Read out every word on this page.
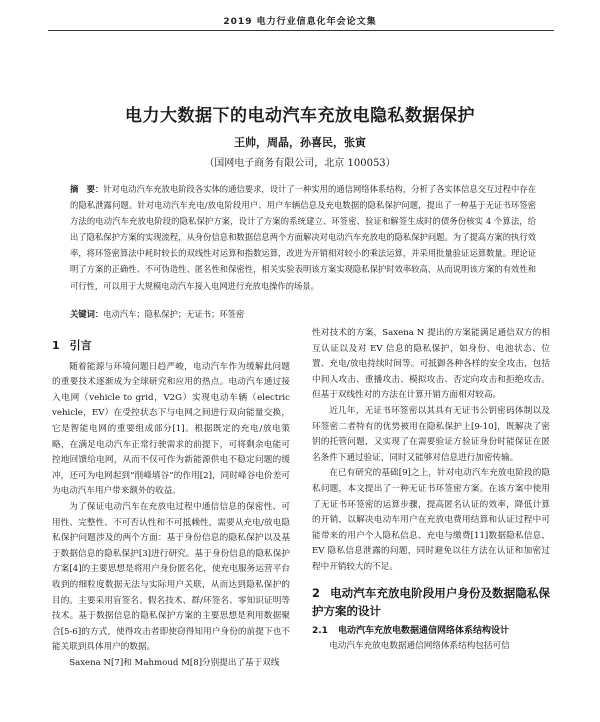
2019 电力行业信息化年会论文集
电力大数据下的电动汽车充放电隐私数据保护
王帅，周晶，孙喜民，张寅
（国网电子商务有限公司，北京 100053）
摘　要：针对电动汽车充放电阶段各实体的通信要求，设计了一种实用的通信网络体系结构，分析了各实体信息交互过程中存在的隐私泄露问题。针对电动汽车充电/放电阶段用户、用户车辆信息及充电数据的隐私保护问题，提出了一种基于无证书环签密方法的电动汽车充放电阶段的隐私保护方案，设计了方案的系统建立、环签密、验证和解签生成时的债务份核实 4 个算法，给出了隐私保护方案的实现流程，从身份信息和数据信息两个方面解决对电动汽车充放电的隐私保护问题。为了提高方案的执行效率，将环签密算法中耗时较长的双线性对运算和指数运算，改进为开销相对较小的乘法运算，并采用批量验证运算数量。理论证明了方案的正确性、不可伪造性、匿名性和保密性，相关实验表明该方案实现隐私保护时效率较高，从而说明该方案的有效性和可行性，可以用于大规模电动汽车接入电网进行充放电操作的场景。
关键词：电动汽车；隐私保护；无证书；环签密
1 引言

随着能源与环境问题日趋严峻，电动汽车作为缓解此问题的重要技术逐渐成为全球研究和应用的热点。电动汽车通过接入电网（vehicle to grid，V2G）实现电动车辆（electric vehicle，EV）在受控状态下与电网之间进行双向能量交换，它是智能电网的重要组成部分[1]。根据既定的充电/放电策略，在满足电动汽车正常行驶需求的前提下，可将剩余电能可控地回馈给电网，从而不仅可作为新能源供电不稳定问题的缓冲，还可为电网起到“削峰填谷”的作用[2]，同时峰谷电价差可为电动汽车用户带来额外的收益。

为了保证电动汽车在充放电过程中通信信息的保密性、可用性、完整性、不可否认性和不可抵赖性，需要从充电/放电隐私保护问题涉及的两个方面：基于身份信息的隐私保护以及基于数据信息的隐私保护[3]进行研究。基于身份信息的隐私保护方案[4]的主要思想是将用户身份匿名化，使充电服务运营平台收到的细粒度数据无法与实际用户关联，从而达到隐私保护的目的。主要采用盲签名、假名技术、群/环签名、零知识证明等技术。基于数据信息的隐私保护方案的主要思想是利用数据聚合[5-6]的方式，使得攻击者即使窃得知用户身份的前提下也不能关联到具体用户的数据。

Saxena N[7]和 Mahmoud M[8]分别提出了基于双线

性对技术的方案，Saxena N 提出的方案能满足通信双方的相互认证以及对 EV 信息的隐私保护，如身份、电池状态、位置、充电/放电持续时间等。可抵御各种各样的安全攻击，包括中间人攻击、重播攻击、模拟攻击、否定向攻击和拒绝攻击。但基于双线性对的方法在计算开销方面相对较高。

近几年，无证书环签密以其具有无证书公钥密码体制以及环签密二者特有的优势被用在隐私保护上[9-10]，既解决了密钥的托管问题，又实现了在需要验证方验证身份时能保证在匿名条件下通过验证，同时又能够对信息进行加密传输。

在已有研究的基础[9]之上，针对电动汽车充放电阶段的隐私问题，本文提出了一种无证书环签密方案。在该方案中使用了无证书环签密的运算步骤，提高匿名认证的效率，降低计算的开销，以解决电动车用户在充放电费用结算和认证过程中可能带来的用户个人隐私信息、充电与缴费[11]数据隐私信息、EV 隐私信息泄露的问题，同时避免以往方法在认证和加密过程中开销较大的不足。

2 电动汽车充放电阶段用户身份及数据隐私保护方案的设计
2.1 电动汽车充放电数据通信网络体系结构设计

电动汽车充放电数据通信网络体系结构包括可信
